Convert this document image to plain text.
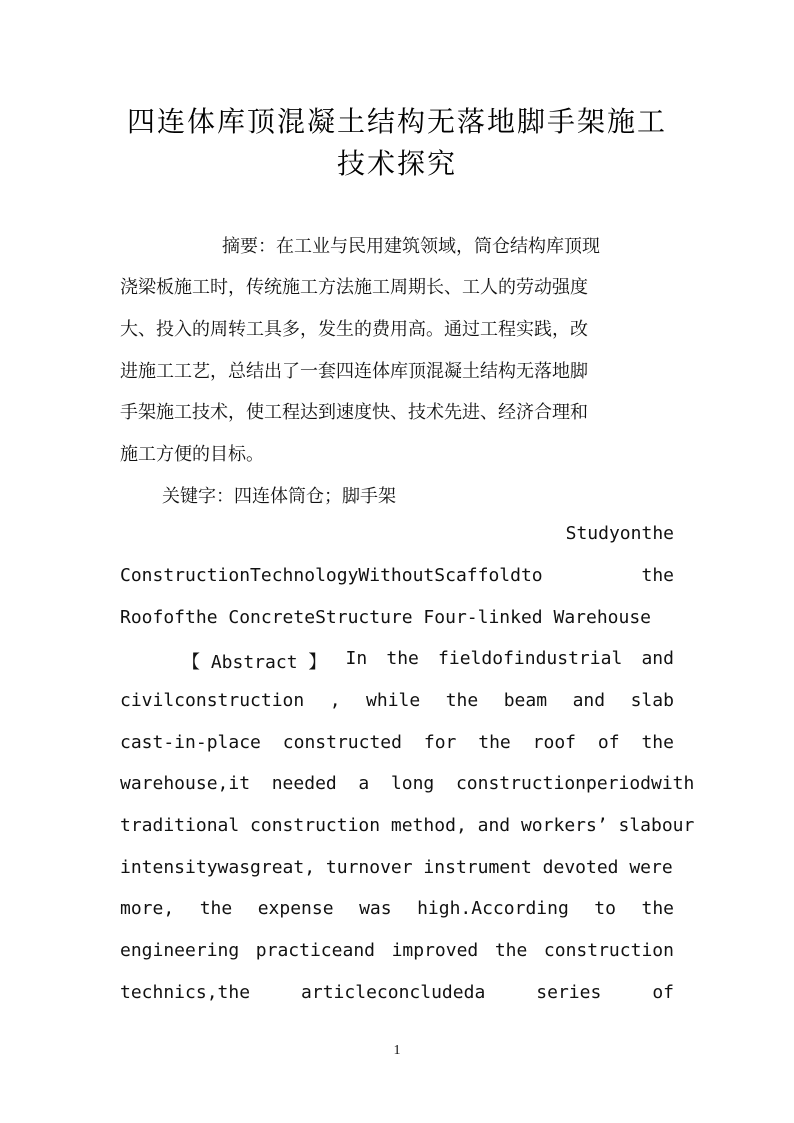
四连体库顶混凝土结构无落地脚手架施工
技术探究
摘要：在工业与民用建筑领域，筒仓结构库顶现
浇梁板施工时，传统施工方法施工周期长、工人的劳动强度
大、投入的周转工具多，发生的费用高。通过工程实践，改
进施工工艺，总结出了一套四连体库顶混凝土结构无落地脚
手架施工技术，使工程达到速度快、技术先进、经济合理和
施工方便的目标。
关键字：四连体筒仓；脚手架
Studyonthe
ConstructionTechnologyWithoutScaffoldto	the
Roofofthe ConcreteStructure Four-linked Warehouse
【 Abstract 】 In the fieldofindustrial and
civilconstruction , while the beam and slab
cast-in-place constructed for the roof of the
warehouse,it  needed  a  long  constructionperiodwith
traditional construction method, and workers’ slabour
intensitywasgreat, turnover instrument devoted were
more, the expense was high.According to the
engineering practiceand improved the construction
technics,the	articleconcludeda	series	of
1
